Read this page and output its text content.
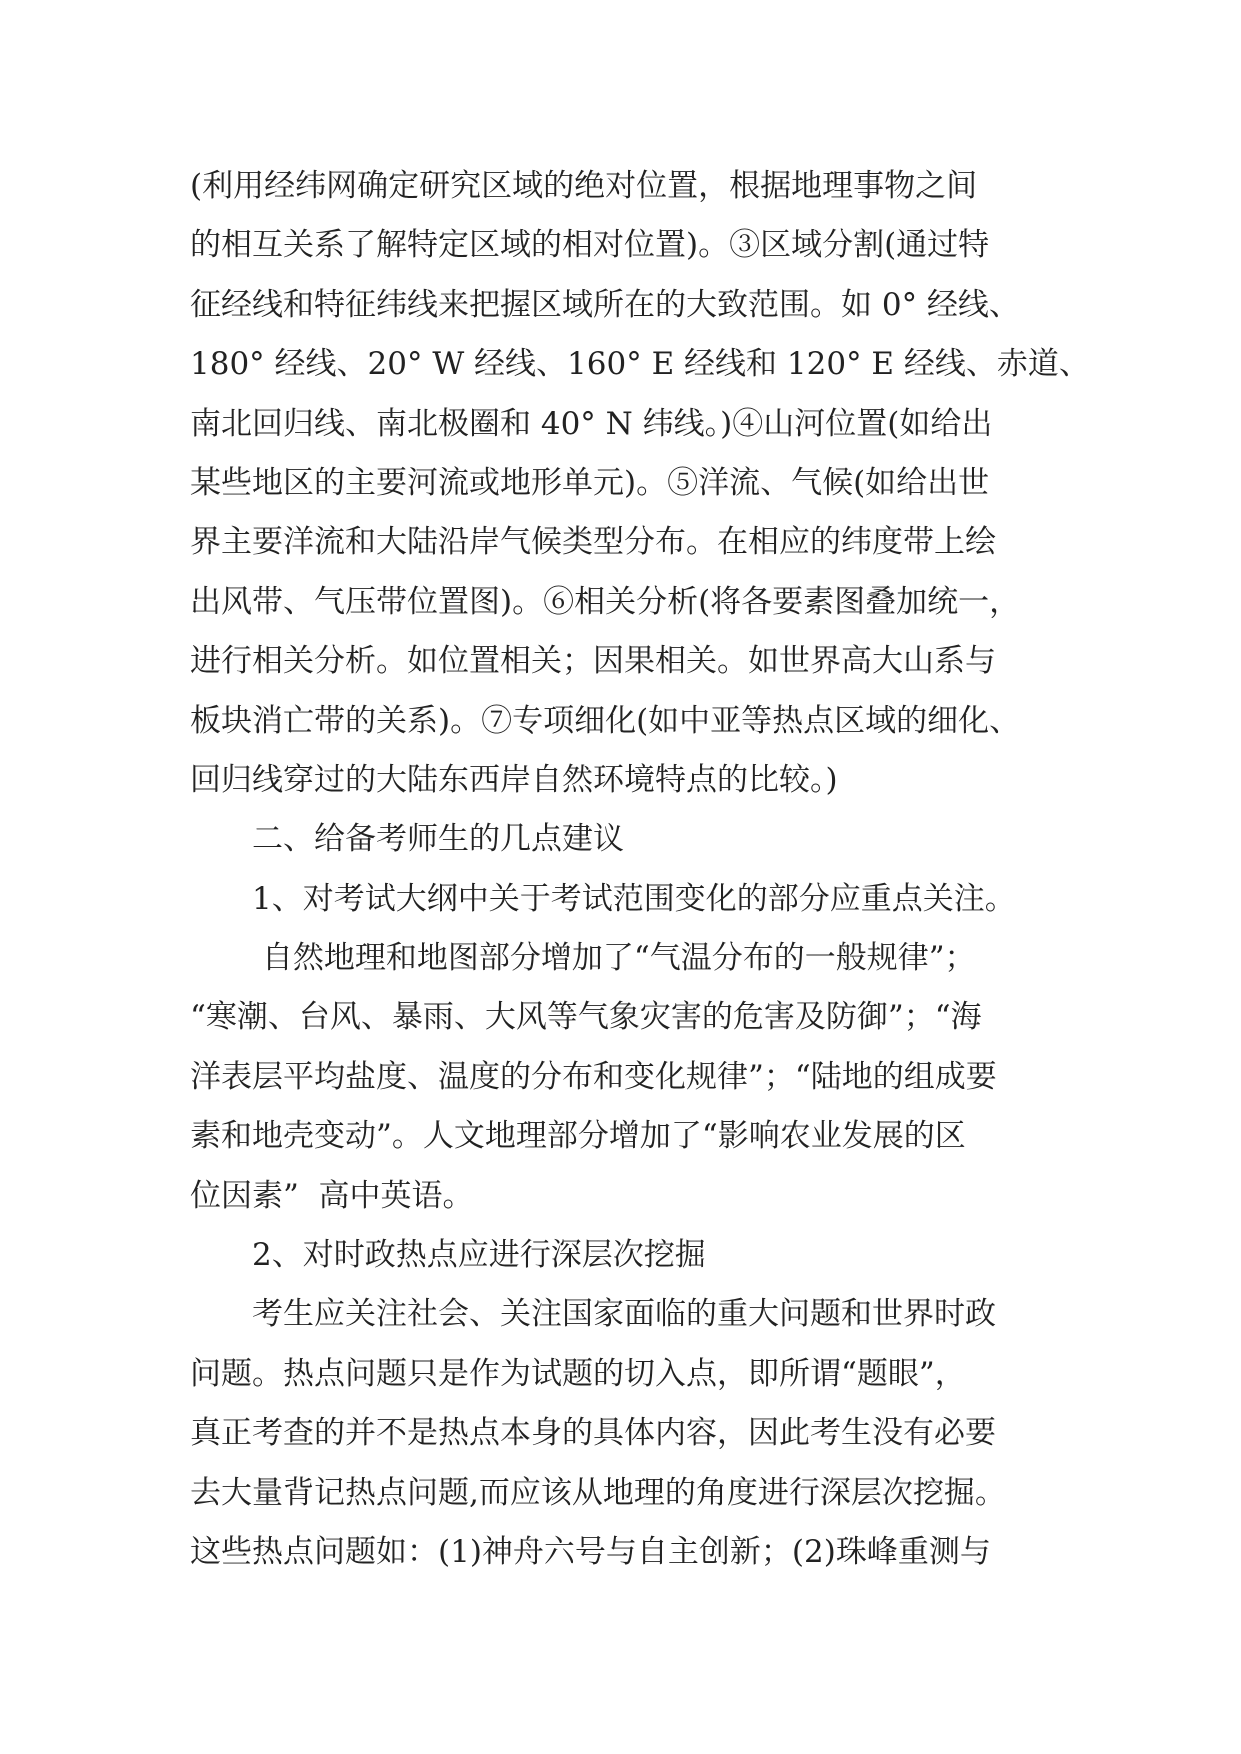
(利用经纬网确定研究区域的绝对位置，根据地理事物之间
的相互关系了解特定区域的相对位置)。③区域分割(通过特
征经线和特征纬线来把握区域所在的大致范围。如 0° 经线、
180° 经线、20° W 经线、160° E 经线和 120° E 经线、赤道、
南北回归线、南北极圈和 40° N 纬线。)④山河位置(如给出
某些地区的主要河流或地形单元)。⑤洋流、气候(如给出世
界主要洋流和大陆沿岸气候类型分布。在相应的纬度带上绘
出风带、气压带位置图)。⑥相关分析(将各要素图叠加统一，
进行相关分析。如位置相关；因果相关。如世界高大山系与
板块消亡带的关系)。⑦专项细化(如中亚等热点区域的细化、
回归线穿过的大陆东西岸自然环境特点的比较。)
二、给备考师生的几点建议
1、对考试大纲中关于考试范围变化的部分应重点关注。
自然地理和地图部分增加了“气温分布的一般规律”；
“寒潮、台风、暴雨、大风等气象灾害的危害及防御”；“海
洋表层平均盐度、温度的分布和变化规律”；“陆地的组成要
素和地壳变动”。人文地理部分增加了“影响农业发展的区
位因素”  高中英语。
2、对时政热点应进行深层次挖掘
考生应关注社会、关注国家面临的重大问题和世界时政
问题。热点问题只是作为试题的切入点，即所谓“题眼”，
真正考查的并不是热点本身的具体内容，因此考生没有必要
去大量背记热点问题,而应该从地理的角度进行深层次挖掘。
这些热点问题如：(1)神舟六号与自主创新；(2)珠峰重测与
